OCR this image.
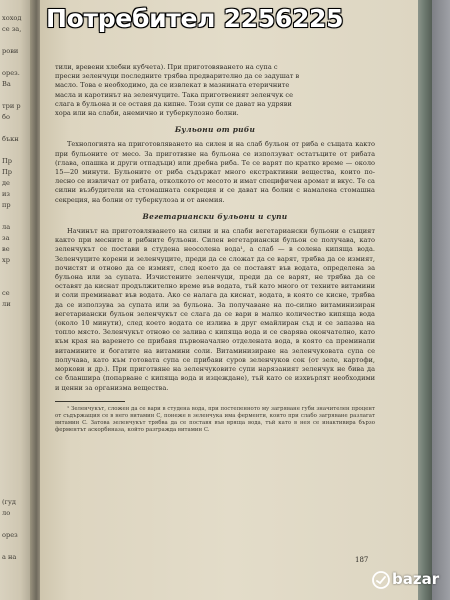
хоход
се за,
рови
орез.
Ва
три р
бо
бъкн
Пр
Пр
де
из
пр
ла
за
ве
хр
се
ли
(гуд
ло
орез
а на

тили, вревени хлебни кубчета). При приготовяването на супа с

пресни зеленчуци последните трябва предварително да се задушат в

масло. Това е необходимо, да се извлекат в мазнината етеричните

масла и каротинът на зеленчуците. Така приготвеният зеленчук се

слага в бульона и се оставя да кипне. Този супи се дават на удряви

хора или на слаби, анемично и туберкулозно болни.

Бульони от риби

Технологията на приготовляването на силен и на слаб бульон от риба е същата както при бульоните от месо. За приготвяне на бульона се използуват остатъците от рибата (глава, опашка и други отпадъци) или дребна риба. Те се варят по кратко време — около 15—20 минути. Бульоните от риба съдържат много екстрактивни вещества, които по-лесно се извличат от рибата, отколкото от месото и имат специфичен аромат и вкус. Те са силни възбудители на стомашната секреция и се дават на болни с намалена стомашна секреция, на болни от туберкулоза и от анемия.

Вегетариански бульони и супи

Начинът на приготовляването на силни и на слаби вегетариански бульони е същият както при месните и рибните бульони. Силен вегетариански бульон се получава, като зеленчукът се постави в студена неосолена вода¹, а слаб — в солена кипяща вода. Зеленчуците корени и зеленчуците, преди да се сложат да се варят, трябва да се измият, почистят и отново да се измият, след което да се поставят във водата, определена за бульона или за супата. Изчистените зеленчуци, преди да се варят, не трябва да се оставят да киснат продължително време във водата, тъй като много от техните витамини и соли преминават във водата. Ако се налага да киснат, водата, в която се кисне, трябва да се използува за супата или за бульона. За получаване на по-силно витаминизиран вегетариански бульон зеленчукът се слага да се вари в малко количество кипяща вода (около 10 минути), след което водата се излива в друг емайлиран съд и се запазва на топло място. Зеленчукът отново се залива с кипяща вода и се сварява окончателно, като към края на варенето се прибавя първоначално отделената вода, в която са преминали витамините и богатите на витамини соли. Витаминизиране на зеленчуковата супа се получава, като към готовата супа се прибави суров зеленчуков сок (от зеле, картофи, моркови и др.). При приготвяне на зеленчуковите супи нарязаният зеленчук не бива да се бланшира (попарване с кипяща вода и изцеждане), тъй като се изхвърлят необходими и ценни за организма вещества.

¹ Зеленчукът, сложен да се вари в студена вода, при постепенното му загряване губи значителен процент от съдържащия се в него витамин C, понеже в зеленчука има ферменти, които при слабо загряване разлагат витамин C. Затова зеленчукът трябва да се поставя във вряща вода, тъй като в нея се инактивира бързо ферментът аскорбиназа, който разгражда витамин C.

187
Потребител 2256225
bazar
